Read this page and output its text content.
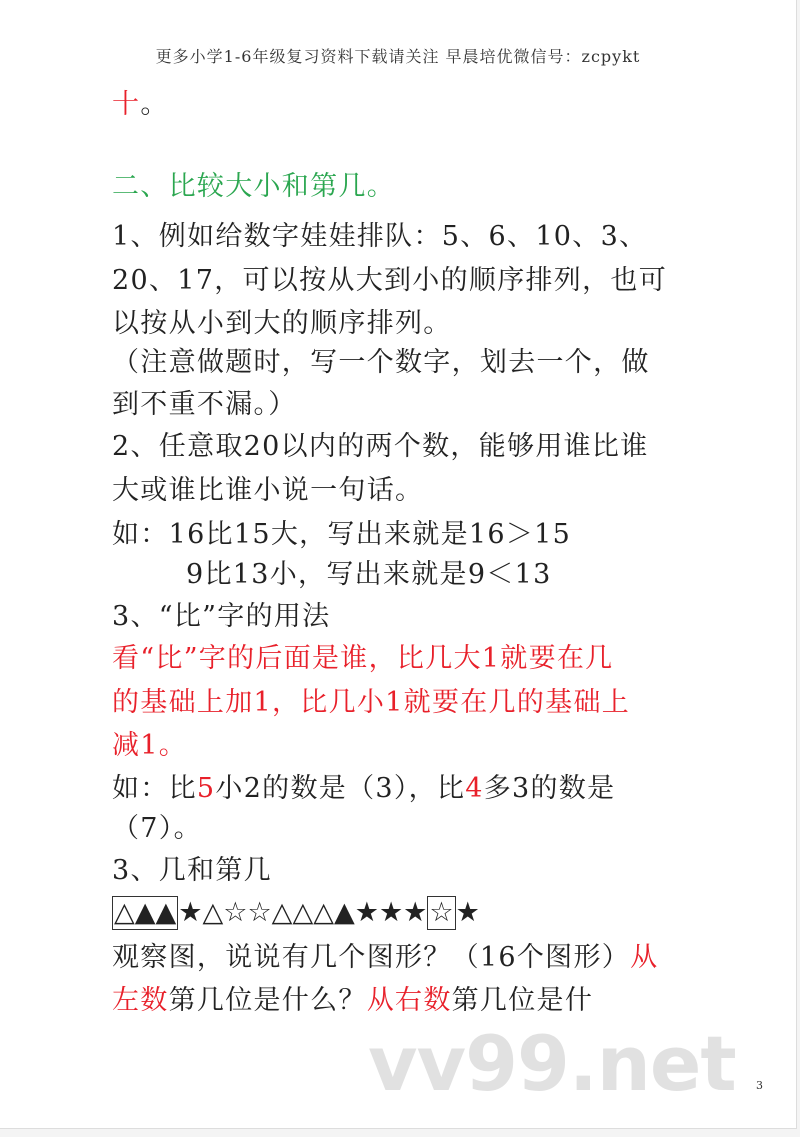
更多小学1-6年级复习资料下载请关注 早晨培优微信号：zcpykt
十。
二、比较大小和第几。
1、例如给数字娃娃排队：5、6、10、3、
20、17，可以按从大到小的顺序排列，也可
以按从小到大的顺序排列。
（注意做题时，写一个数字，划去一个，做
到不重不漏。）
2、任意取20以内的两个数，能够用谁比谁
大或谁比谁小说一句话。
如：16比15大，写出来就是16＞15
9比13小，写出来就是9＜13
3、“比”字的用法
看“比”字的后面是谁，比几大1就要在几
的基础上加1，比几小1就要在几的基础上
减1。
如：比5小2的数是（3），比4多3的数是
（7）。
3、几和第几
△▲▲★△☆☆△△△▲★★★☆★
观察图，说说有几个图形？（16个图形）从
左数第几位是什么？从右数第几位是什
vv99.net 3
